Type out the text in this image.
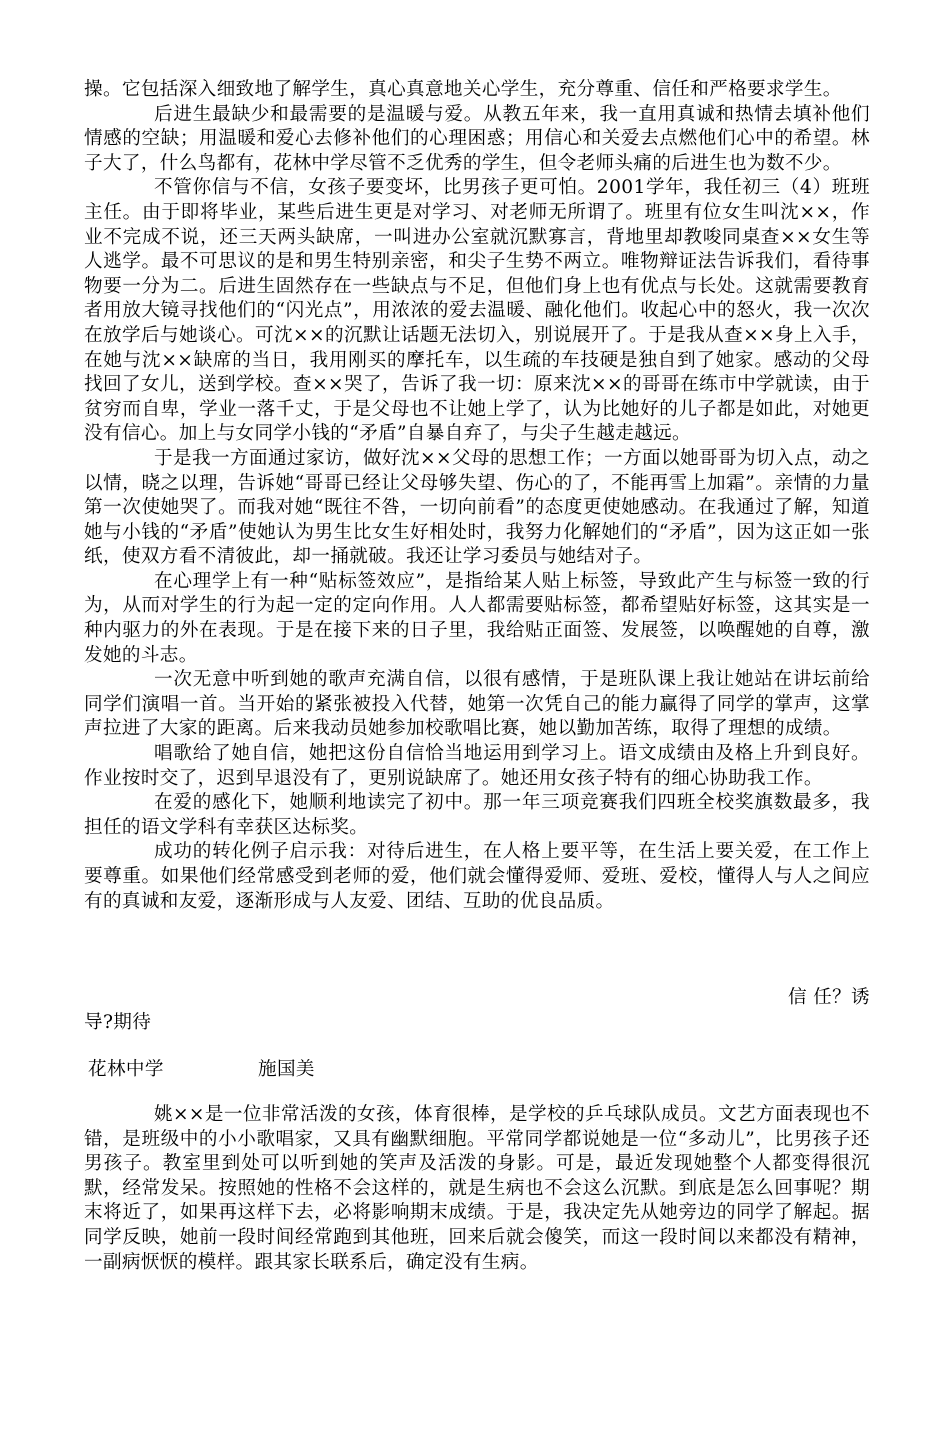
操。它包括深入细致地了解学生，真心真意地关心学生，充分尊重、信任和严格要求学生。

后进生最缺少和最需要的是温暖与爱。从教五年来，我一直用真诚和热情去填补他们情感的空缺；用温暖和爱心去修补他们的心理困惑；用信心和关爱去点燃他们心中的希望。林子大了，什么鸟都有，花林中学尽管不乏优秀的学生，但令老师头痛的后进生也为数不少。

不管你信与不信，女孩子要变坏，比男孩子更可怕。2001学年，我任初三（4）班班主任。由于即将毕业，某些后进生更是对学习、对老师无所谓了。班里有位女生叫沈××，作业不完成不说，还三天两头缺席，一叫进办公室就沉默寡言，背地里却教唆同桌查××女生等人逃学。最不可思议的是和男生特别亲密，和尖子生势不两立。唯物辩证法告诉我们，看待事物要一分为二。后进生固然存在一些缺点与不足，但他们身上也有优点与长处。这就需要教育者用放大镜寻找他们的“闪光点”，用浓浓的爱去温暖、融化他们。收起心中的怒火，我一次次在放学后与她谈心。可沈××的沉默让话题无法切入，别说展开了。于是我从查××身上入手，在她与沈××缺席的当日，我用刚买的摩托车，以生疏的车技硬是独自到了她家。感动的父母找回了女儿，送到学校。查××哭了，告诉了我一切：原来沈××的哥哥在练市中学就读，由于贫穷而自卑，学业一落千丈，于是父母也不让她上学了，认为比她好的儿子都是如此，对她更没有信心。加上与女同学小钱的“矛盾”自暴自弃了，与尖子生越走越远。

于是我一方面通过家访，做好沈××父母的思想工作；一方面以她哥哥为切入点，动之以情，晓之以理，告诉她“哥哥已经让父母够失望、伤心的了，不能再雪上加霜”。亲情的力量第一次使她哭了。而我对她“既往不咎，一切向前看”的态度更使她感动。在我通过了解，知道她与小钱的“矛盾”使她认为男生比女生好相处时，我努力化解她们的“矛盾”，因为这正如一张纸，使双方看不清彼此，却一捅就破。我还让学习委员与她结对子。

在心理学上有一种“贴标签效应”，是指给某人贴上标签，导致此产生与标签一致的行为，从而对学生的行为起一定的定向作用。人人都需要贴标签，都希望贴好标签，这其实是一种内驱力的外在表现。于是在接下来的日子里，我给贴正面签、发展签，以唤醒她的自尊，激发她的斗志。

一次无意中听到她的歌声充满自信，以很有感情，于是班队课上我让她站在讲坛前给同学们演唱一首。当开始的紧张被投入代替，她第一次凭自己的能力赢得了同学的掌声，这掌声拉进了大家的距离。后来我动员她参加校歌唱比赛，她以勤加苦练，取得了理想的成绩。

唱歌给了她自信，她把这份自信恰当地运用到学习上。语文成绩由及格上升到良好。作业按时交了，迟到早退没有了，更别说缺席了。她还用女孩子特有的细心协助我工作。

在爱的感化下，她顺利地读完了初中。那一年三项竞赛我们四班全校奖旗数最多，我担任的语文学科有幸获区达标奖。

成功的转化例子启示我：对待后进生，在人格上要平等，在生活上要关爱，在工作上要尊重。如果他们经常感受到老师的爱，他们就会懂得爱师、爱班、爱校，懂得人与人之间应有的真诚和友爱，逐渐形成与人友爱、团结、互助的优良品质。

信 任？诱

导?期待

花林中学	施国美

姚××是一位非常活泼的女孩，体育很棒，是学校的乒乓球队成员。文艺方面表现也不错，是班级中的小小歌唱家，又具有幽默细胞。平常同学都说她是一位“多动儿”，比男孩子还男孩子。教室里到处可以听到她的笑声及活泼的身影。可是，最近发现她整个人都变得很沉默，经常发呆。按照她的性格不会这样的，就是生病也不会这么沉默。到底是怎么回事呢？期末将近了，如果再这样下去，必将影响期末成绩。于是，我决定先从她旁边的同学了解起。据同学反映，她前一段时间经常跑到其他班，回来后就会傻笑，而这一段时间以来都没有精神，一副病恹恹的模样。跟其家长联系后，确定没有生病。
